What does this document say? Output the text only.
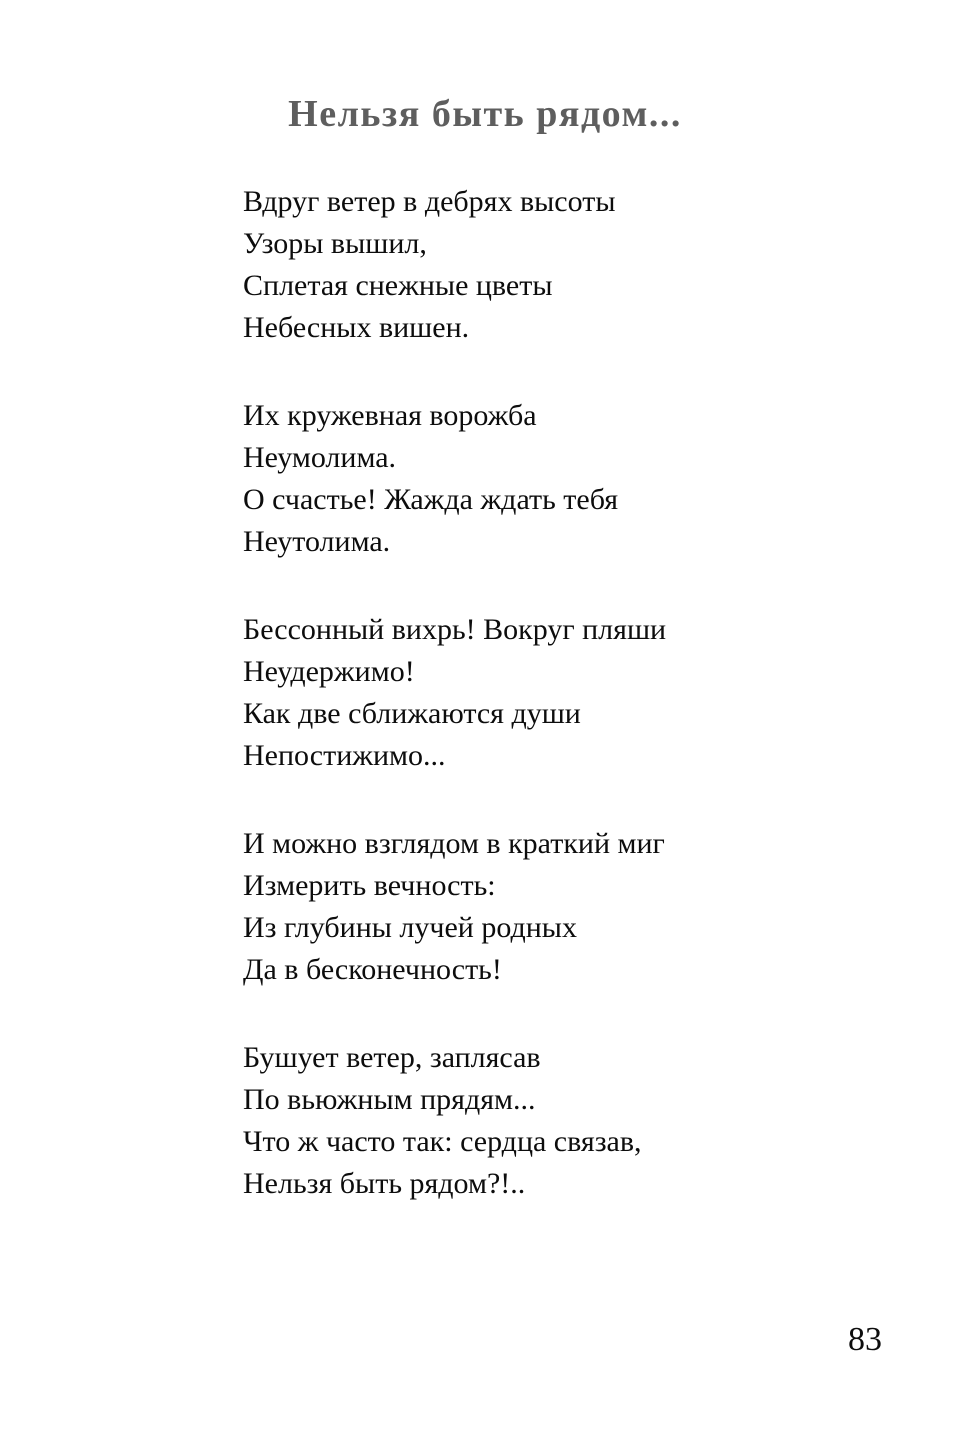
Нельзя быть рядом...
Вдруг ветер в дебрях высоты
Узоры вышил,
Сплетая снежные цветы
Небесных вишен.
Их кружевная ворожба
Неумолима.
О счастье! Жажда ждать тебя
Неутолима.
Бессонный вихрь! Вокруг пляши
Неудержимо!
Как две сближаются души
Непостижимо...
И можно взглядом в краткий миг
Измерить вечность:
Из глубины лучей родных
Да в бесконечность!
Бушует ветер, заплясав
По вьюжным прядям...
Что ж часто так: сердца связав,
Нельзя быть рядом?!..
83
